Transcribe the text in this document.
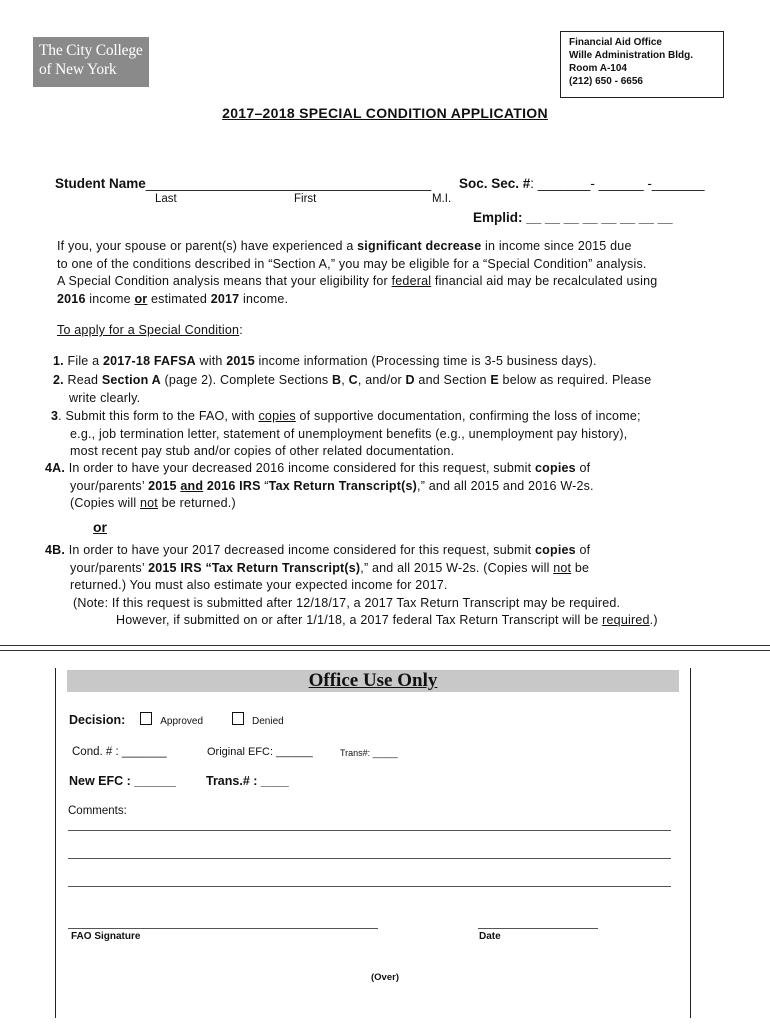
The City College
of New York
Financial Aid Office
Wille Administration Bldg.
Room A-104
(212) 650 - 6656
2017–2018 SPECIAL CONDITION APPLICATION
Student Name______________________________________
Last	First	M.I.
Soc. Sec. #: _______- ______ -_______
Emplid: __ __ __ __ __ __ __ __
If you, your spouse or parent(s) have experienced a significant decrease in income since 2015 due
to one of the conditions described in “Section A,” you may be eligible for a “Special Condition” analysis.
A Special Condition analysis means that your eligibility for federal financial aid may be recalculated using
2016 income or estimated 2017 income.
To apply for a Special Condition:
1. File a 2017-18 FAFSA with 2015 income information (Processing time is 3-5 business days).
2. Read Section A (page 2). Complete Sections B, C, and/or D and Section E below as required. Please
write clearly.
3. Submit this form to the FAO, with copies of supportive documentation, confirming the loss of income;
e.g., job termination letter, statement of unemployment benefits (e.g., unemployment pay history),
most recent pay stub and/or copies of other related documentation.
4A. In order to have your decreased 2016 income considered for this request, submit copies of
your/parents’ 2015 and 2016 IRS “Tax Return Transcript(s),” and all 2015 and 2016 W-2s.
(Copies will not be returned.)
or
4B. In order to have your 2017 decreased income considered for this request, submit copies of
your/parents’ 2015 IRS “Tax Return Transcript(s),” and all 2015 W-2s. (Copies will not be
returned.) You must also estimate your expected income for 2017.
(Note: If this request is submitted after 12/18/17, a 2017 Tax Return Transcript may be required.
However, if submitted on or after 1/1/18, a 2017 federal Tax Return Transcript will be required.)
Office Use Only
Decision:	Approved	Denied
Cond. # : _______	Original EFC: ______	Trans#: _____
New EFC : ______ Trans.# : ____
Comments:
FAO Signature	Date
(Over)
